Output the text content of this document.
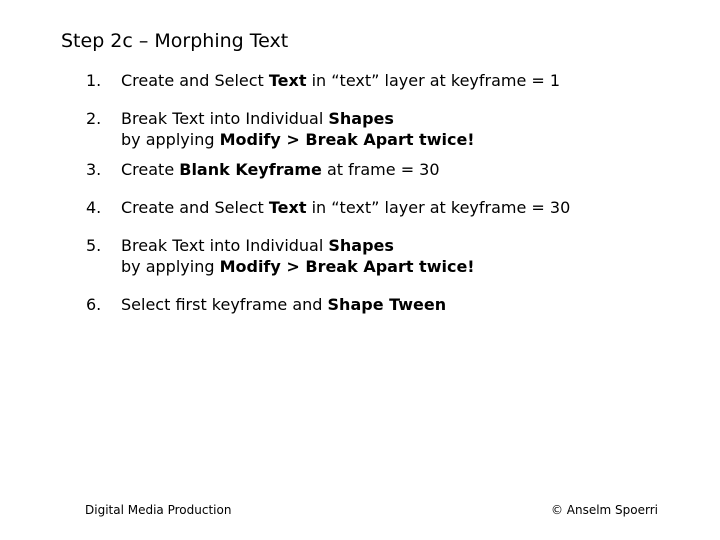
Step 2c – Morphing Text
1. Create and Select Text in “text” layer at keyframe = 1
2. Break Text into Individual Shapes
by applying Modify > Break Apart twice!
3. Create Blank Keyframe at frame = 30
4. Create and Select Text in “text” layer at keyframe = 30
5. Break Text into Individual Shapes
by applying Modify > Break Apart twice!
6. Select first keyframe and Shape Tween
Digital Media Production	© Anselm Spoerri
